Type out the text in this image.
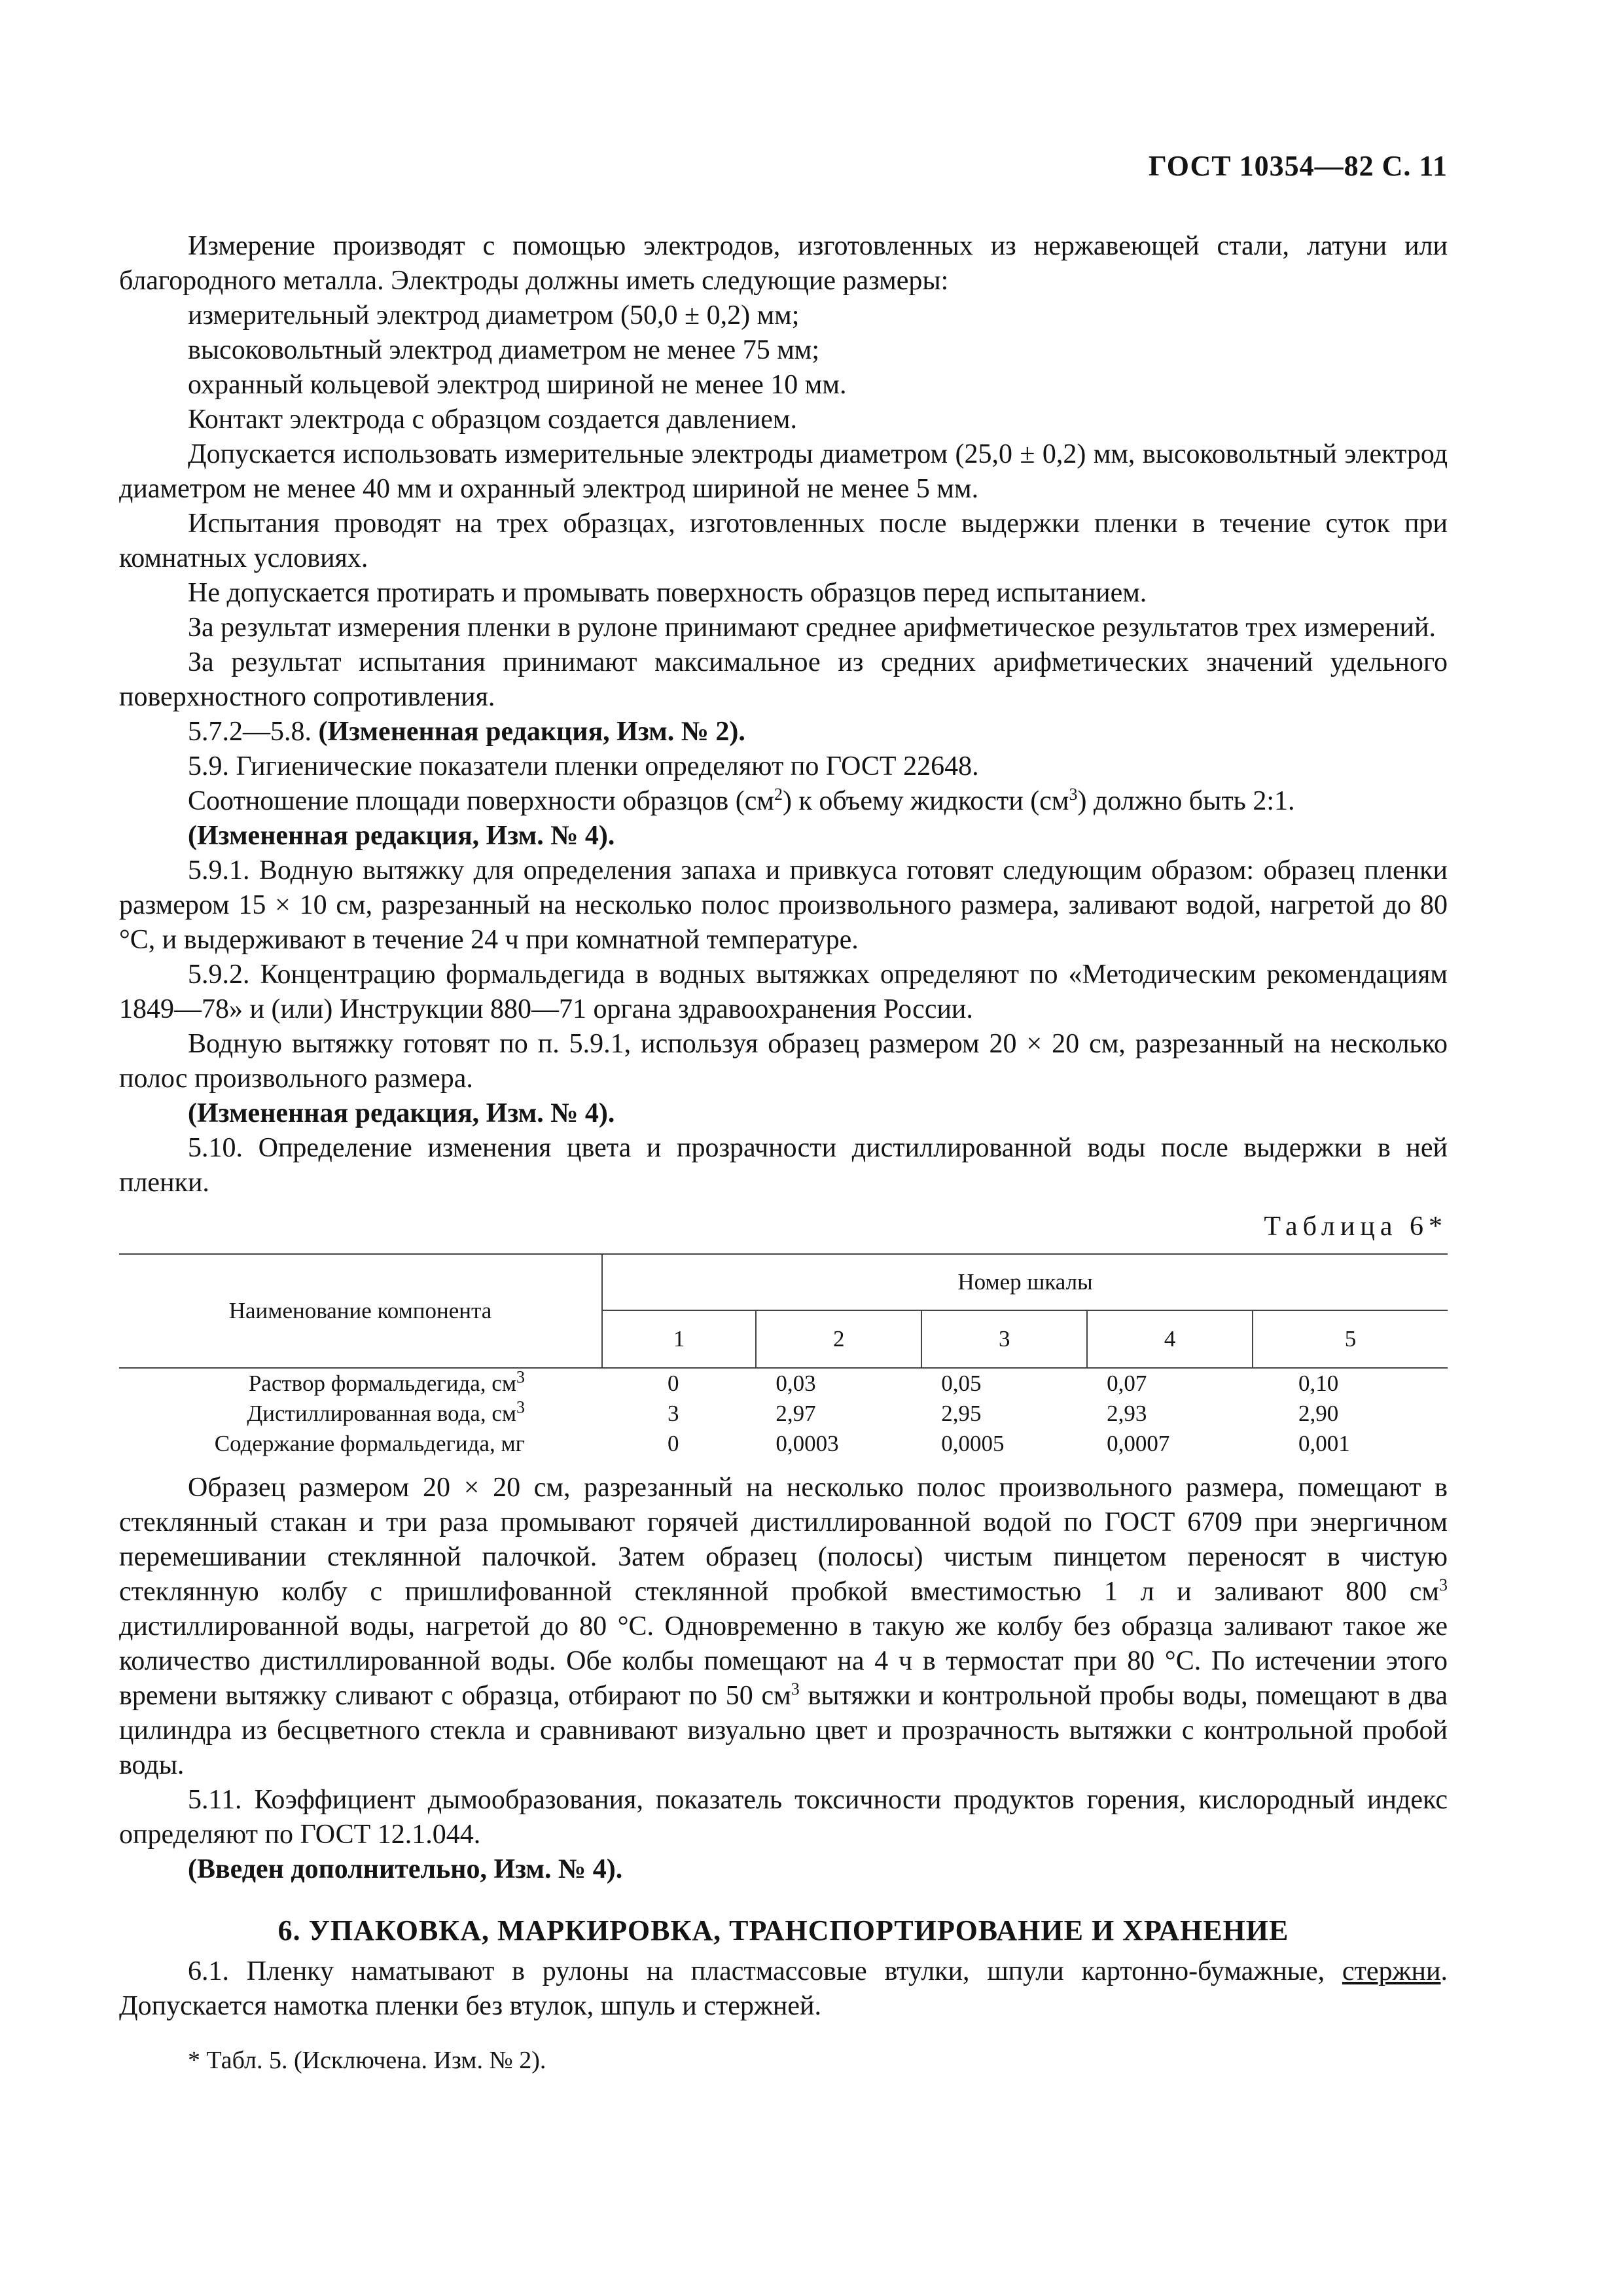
ГОСТ 10354—82 С. 11

Измерение производят с помощью электродов, изготовленных из нержавеющей стали, латуни или благородного металла. Электроды должны иметь следующие размеры:

измерительный электрод диаметром (50,0 ± 0,2) мм;

высоковольтный электрод диаметром не менее 75 мм;

охранный кольцевой электрод шириной не менее 10 мм.

Контакт электрода с образцом создается давлением.

Допускается использовать измерительные электроды диаметром (25,0 ± 0,2) мм, высоковольтный электрод диаметром не менее 40 мм и охранный электрод шириной не менее 5 мм.

Испытания проводят на трех образцах, изготовленных после выдержки пленки в течение суток при комнатных условиях.

Не допускается протирать и промывать поверхность образцов перед испытанием.

За результат измерения пленки в рулоне принимают среднее арифметическое результатов трех измерений.

За результат испытания принимают максимальное из средних арифметических значений удельного поверхностного сопротивления.

5.7.2—5.8. (Измененная редакция, Изм. № 2).

5.9. Гигиенические показатели пленки определяют по ГОСТ 22648.

Соотношение площади поверхности образцов $(см^2)$ к объему жидкости $(см^3)$ должно быть 2:1.

(Измененная редакция, Изм. № 4).

5.9.1. Водную вытяжку для определения запаха и привкуса готовят следующим образом: образец пленки размером 15 × 10 см, разрезанный на несколько полос произвольного размера, заливают водой, нагретой до 80 °С, и выдерживают в течение 24 ч при комнатной температуре.

5.9.2. Концентрацию формальдегида в водных вытяжках определяют по «Методическим рекомендациям 1849—78» и (или) Инструкции 880—71 органа здравоохранения России.

Водную вытяжку готовят по п. 5.9.1, используя образец размером 20 × 20 см, разрезанный на несколько полос произвольного размера.

(Измененная редакция, Изм. № 4).

5.10. Определение изменения цвета и прозрачности дистиллированной воды после выдержки в ней пленки.

Таблица 6*
Наименование компонента	Номер шкалы				
	1	2	3	4	5
Раствор формальдегида, $см^3$	0	0,03	0,05	0,07	0,10
Дистиллированная вода, $см^3$	3	2,97	2,95	2,93	2,90
Содержание формальдегида, мг	0	0,0003	0,0005	0,0007	0,001

Образец размером 20 × 20 см, разрезанный на несколько полос произвольного размера, помещают в стеклянный стакан и три раза промывают горячей дистиллированной водой по ГОСТ 6709 при энергичном перемешивании стеклянной палочкой. Затем образец (полосы) чистым пинцетом переносят в чистую стеклянную колбу с пришлифованной стеклянной пробкой вместимостью 1 л и заливают 800 $см^3$ дистиллированной воды, нагретой до 80 °С. Одновременно в такую же колбу без образца заливают такое же количество дистиллированной воды. Обе колбы помещают на 4 ч в термостат при 80 °С. По истечении этого времени вытяжку сливают с образца, отбирают по 50 $см^3$ вытяжки и контрольной пробы воды, помещают в два цилиндра из бесцветного стекла и сравнивают визуально цвет и прозрачность вытяжки с контрольной пробой воды.

5.11. Коэффициент дымообразования, показатель токсичности продуктов горения, кислородный индекс определяют по ГОСТ 12.1.044.

(Введен дополнительно, Изм. № 4).

6. УПАКОВКА, МАРКИРОВКА, ТРАНСПОРТИРОВАНИЕ И ХРАНЕНИЕ

6.1. Пленку наматывают в рулоны на пластмассовые втулки, шпули картонно-бумажные, стержни. Допускается намотка пленки без втулок, шпуль и стержней.

* Табл. 5. (Исключена. Изм. № 2).
